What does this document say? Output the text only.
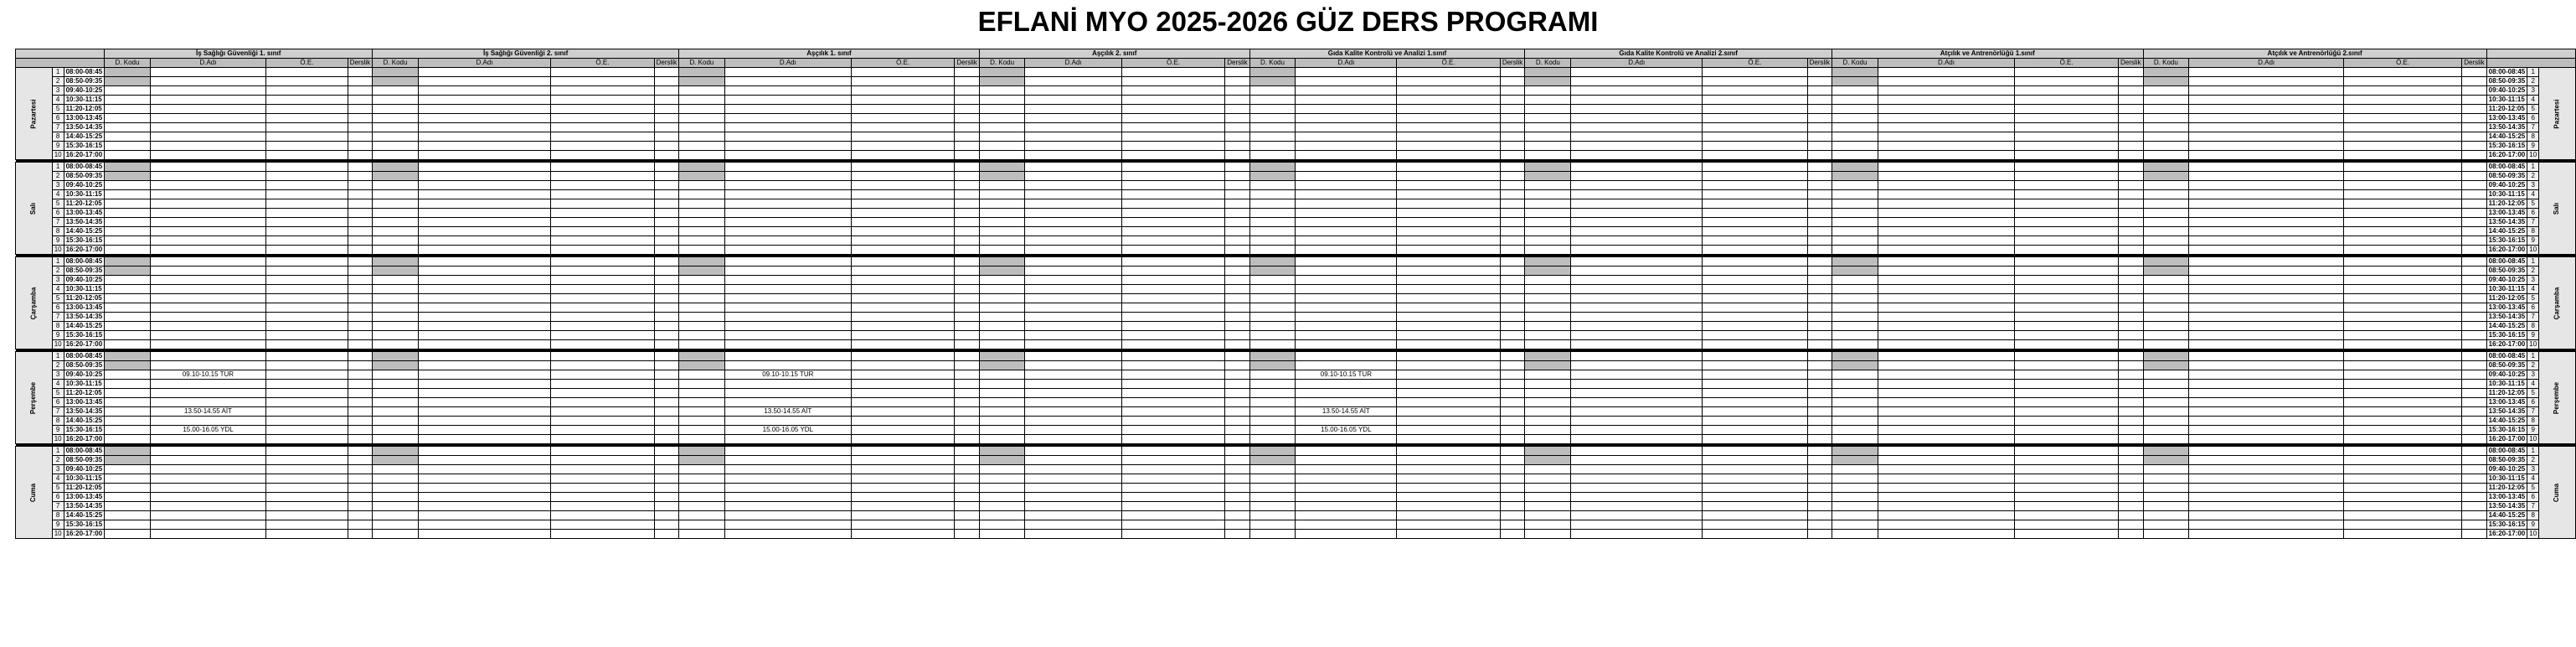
EFLANİ MYO 2025-2026 GÜZ DERS PROGRAMI
			İş Sağlığı Güvenliği 1. sınıf				İş Sağlığı Güvenliği 2. sınıf				Aşçılık 1. sınıf				Aşçılık 2. sınıf				Gıda Kalite Kontrolü ve Analizi 1.sınıf				Gıda Kalite Kontrolü ve Analizi 2.sınıf				Atçılık ve Antrenörlüğü 1.sınıf				Atçılık ve Antrenörlüğü 2.sınıf						
			D. Kodu	D.Adı	Ö.E.	Derslik	D. Kodu	D.Adı	Ö.E.	Derslik	D. Kodu	D.Adı	Ö.E.	Derslik	D. Kodu	D.Adı	Ö.E.	Derslik	D. Kodu	D.Adı	Ö.E.	Derslik	D. Kodu	D.Adı	Ö.E.	Derslik	D. Kodu	D.Adı	Ö.E.	Derslik	D. Kodu	D.Adı	Ö.E.	Derslik			
Pazartesi	1	08:00-08:45																																	08:00-08:45	1	Pazartesi
	2	08:50-09:35																																	08:50-09:35	2	
	3	09:40-10:25																																	09:40-10:25	3	
	4	10:30-11:15																																	10:30-11:15	4	
	5	11:20-12:05																																	11:20-12:05	5	
	6	13:00-13:45																																	13:00-13:45	6	
	7	13:50-14:35																																	13:50-14:35	7	
	8	14:40-15:25																																	14:40-15:25	8	
	9	15:30-16:15																																	15:30-16:15	9	
	10	16:20-17:00																																	16:20-17:00	10	

Salı	1	08:00-08:45																																	08:00-08:45	1	Salı
	2	08:50-09:35																																	08:50-09:35	2	
	3	09:40-10:25																																	09:40-10:25	3	
	4	10:30-11:15																																	10:30-11:15	4	
	5	11:20-12:05																																	11:20-12:05	5	
	6	13:00-13:45																																	13:00-13:45	6	
	7	13:50-14:35																																	13:50-14:35	7	
	8	14:40-15:25																																	14:40-15:25	8	
	9	15:30-16:15																																	15:30-16:15	9	
	10	16:20-17:00																																	16:20-17:00	10	

Çarşamba	1	08:00-08:45																																	08:00-08:45	1	Çarşamba
	2	08:50-09:35																																	08:50-09:35	2	
	3	09:40-10:25																																	09:40-10:25	3	
	4	10:30-11:15																																	10:30-11:15	4	
	5	11:20-12:05																																	11:20-12:05	5	
	6	13:00-13:45																																	13:00-13:45	6	
	7	13:50-14:35																																	13:50-14:35	7	
	8	14:40-15:25																																	14:40-15:25	8	
	9	15:30-16:15																																	15:30-16:15	9	
	10	16:20-17:00																																	16:20-17:00	10	

Perşembe	1	08:00-08:45																																	08:00-08:45	1	Perşembe
	2	08:50-09:35																																	08:50-09:35	2	
	3	09:40-10:25		09.10-10.15 TUR								09.10-10.15 TUR								09.10-10.15 TUR															09:40-10:25	3	
	4	10:30-11:15																																	10:30-11:15	4	
	5	11:20-12:05																																	11:20-12:05	5	
	6	13:00-13:45																																	13:00-13:45	6	
	7	13:50-14:35		13.50-14.55 AİT								13.50-14.55 AİT								13.50-14.55 AİT															13:50-14:35	7	
	8	14:40-15:25																																	14:40-15:25	8	
	9	15:30-16:15		15.00-16.05 YDL								15.00-16.05 YDL								15.00-16.05 YDL															15:30-16:15	9	
	10	16:20-17:00																																	16:20-17:00	10	

Cuma	1	08:00-08:45																																	08:00-08:45	1	Cuma
	2	08:50-09:35																																	08:50-09:35	2	
	3	09:40-10:25																																	09:40-10:25	3	
	4	10:30-11:15																																	10:30-11:15	4	
	5	11:20-12:05																																	11:20-12:05	5	
	6	13:00-13:45																																	13:00-13:45	6	
	7	13:50-14:35																																	13:50-14:35	7	
	8	14:40-15:25																																	14:40-15:25	8	
	9	15:30-16:15																																	15:30-16:15	9	
	10	16:20-17:00																																	16:20-17:00	10	
